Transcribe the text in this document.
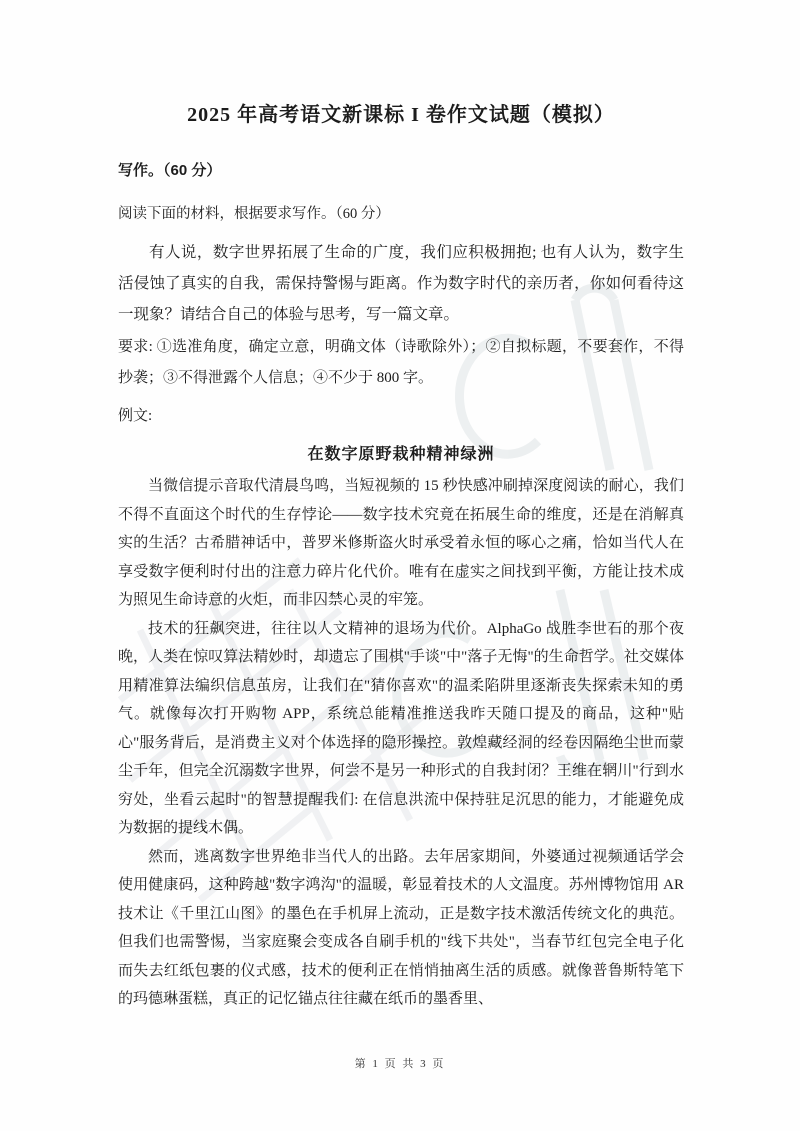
2025 年高考语文新课标 I 卷作文试题（模拟）

写作。（60 分）

阅读下面的材料，根据要求写作。（60 分）

有人说，数字世界拓展了生命的广度，我们应积极拥抱; 也有人认为，数字生活侵蚀了真实的自我，需保持警惕与距离。作为数字时代的亲历者，你如何看待这一现象？请结合自己的体验与思考，写一篇文章。

要求: ①选准角度，确定立意，明确文体（诗歌除外）；②自拟标题，不要套作，不得抄袭；③不得泄露个人信息；④不少于 800 字。

例文:

在数字原野栽种精神绿洲

当微信提示音取代清晨鸟鸣，当短视频的 15 秒快感冲刷掉深度阅读的耐心，我们不得不直面这个时代的生存悖论——数字技术究竟在拓展生命的维度，还是在消解真实的生活？古希腊神话中，普罗米修斯盗火时承受着永恒的啄心之痛，恰如当代人在享受数字便利时付出的注意力碎片化代价。唯有在虚实之间找到平衡，方能让技术成为照见生命诗意的火炬，而非囚禁心灵的牢笼。

技术的狂飙突进，往往以人文精神的退场为代价。AlphaGo 战胜李世石的那个夜晚，人类在惊叹算法精妙时，却遗忘了围棋"手谈"中"落子无悔"的生命哲学。社交媒体用精准算法编织信息茧房，让我们在"猜你喜欢"的温柔陷阱里逐渐丧失探索未知的勇气。就像每次打开购物 APP，系统总能精准推送我昨天随口提及的商品，这种"贴心"服务背后，是消费主义对个体选择的隐形操控。敦煌藏经洞的经卷因隔绝尘世而蒙尘千年，但完全沉溺数字世界，何尝不是另一种形式的自我封闭？王维在辋川"行到水穷处，坐看云起时"的智慧提醒我们: 在信息洪流中保持驻足沉思的能力，才能避免成为数据的提线木偶。

然而，逃离数字世界绝非当代人的出路。去年居家期间，外婆通过视频通话学会使用健康码，这种跨越"数字鸿沟"的温暖，彰显着技术的人文温度。苏州博物馆用 AR 技术让《千里江山图》的墨色在手机屏上流动，正是数字技术激活传统文化的典范。但我们也需警惕，当家庭聚会变成各自刷手机的"线下共处"，当春节红包完全电子化而失去红纸包裹的仪式感，技术的便利正在悄悄抽离生活的质感。就像普鲁斯特笔下的玛德琳蛋糕，真正的记忆锚点往往藏在纸币的墨香里、

第 1 页 共 3 页
